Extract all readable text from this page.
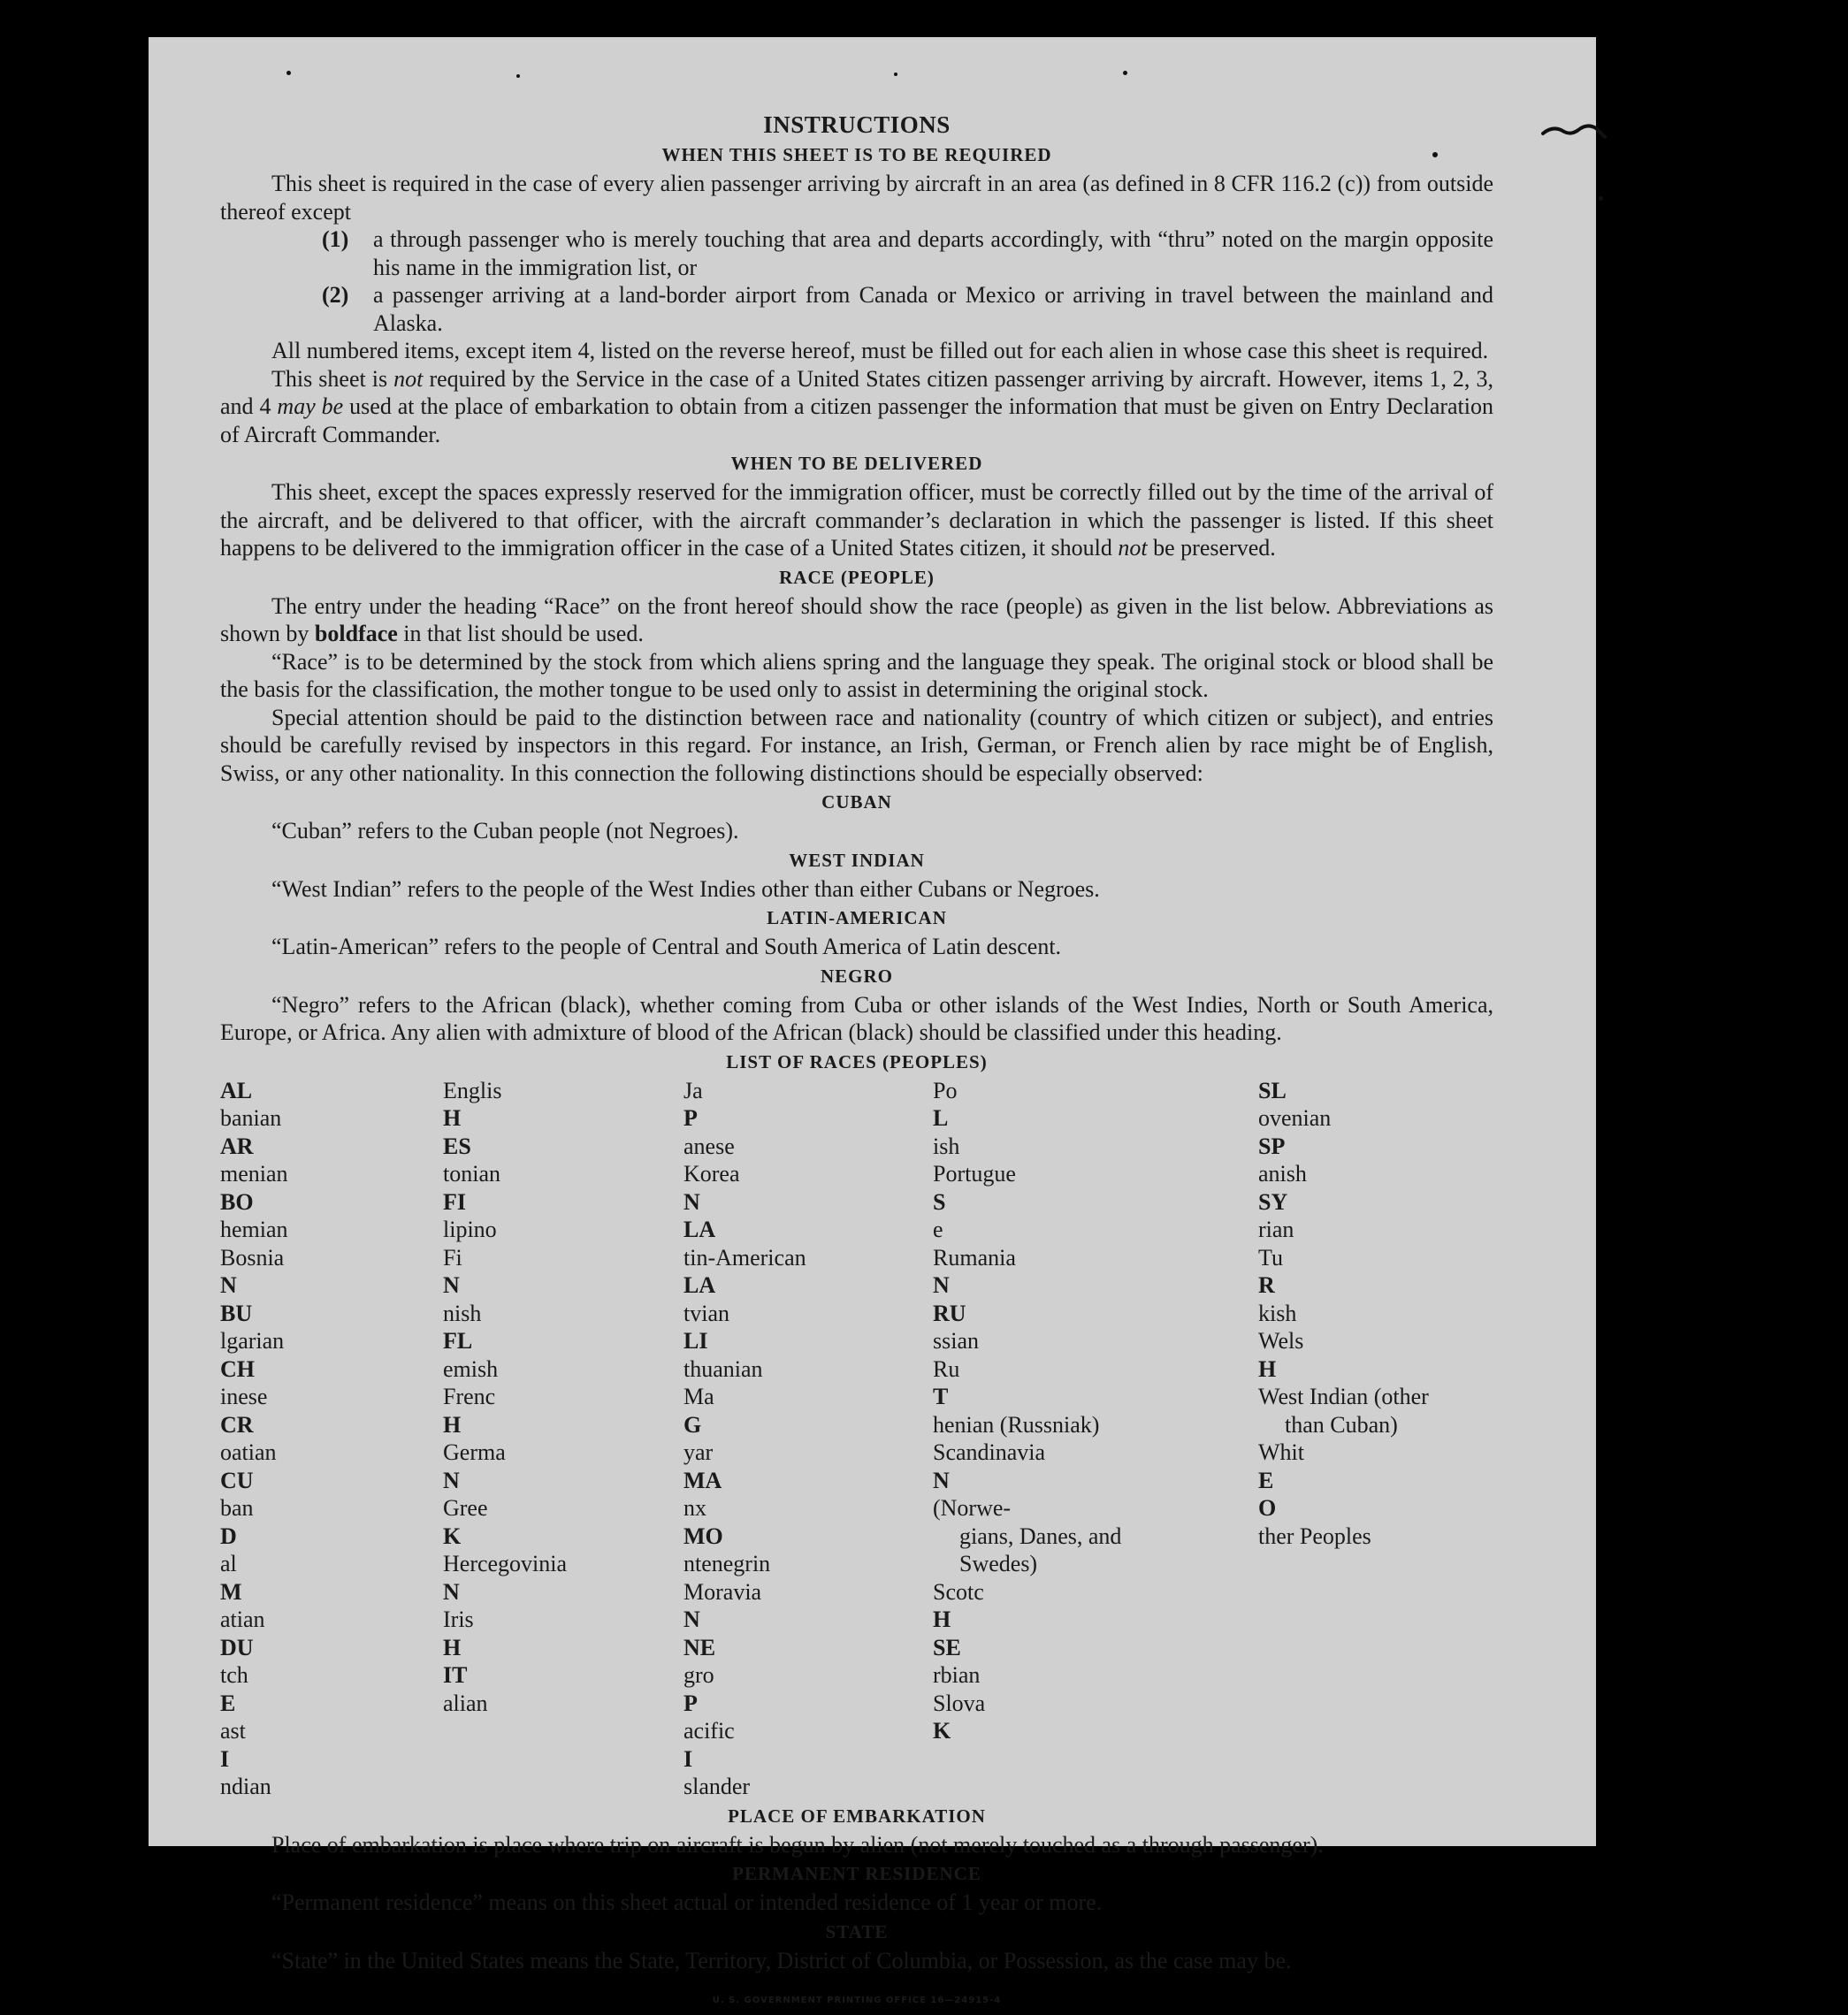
INSTRUCTIONS
WHEN THIS SHEET IS TO BE REQUIRED

This sheet is required in the case of every alien passenger arriving by aircraft in an area (as defined in 8 CFR 116.2 (c)) from outside thereof except

(1) a through passenger who is merely touching that area and departs accordingly, with “thru” noted on the margin opposite his name in the immigration list, or
(2) a passenger arriving at a land-border airport from Canada or Mexico or arriving in travel between the mainland and Alaska.

All numbered items, except item 4, listed on the reverse hereof, must be filled out for each alien in whose case this sheet is required.

This sheet is not required by the Service in the case of a United States citizen passenger arriving by aircraft. However, items 1, 2, 3, and 4 may be used at the place of embarkation to obtain from a citizen passenger the information that must be given on Entry Declaration of Aircraft Commander.

WHEN TO BE DELIVERED

This sheet, except the spaces expressly reserved for the immigration officer, must be correctly filled out by the time of the arrival of the aircraft, and be delivered to that officer, with the aircraft commander’s declaration in which the passenger is listed. If this sheet happens to be delivered to the immigration officer in the case of a United States citizen, it should not be preserved.

RACE (PEOPLE)

The entry under the heading “Race” on the front hereof should show the race (people) as given in the list below. Abbreviations as shown by boldface in that list should be used.

“Race” is to be determined by the stock from which aliens spring and the language they speak. The original stock or blood shall be the basis for the classification, the mother tongue to be used only to assist in determining the original stock.

Special attention should be paid to the distinction between race and nationality (country of which citizen or subject), and entries should be carefully revised by inspectors in this regard. For instance, an Irish, German, or French alien by race might be of English, Swiss, or any other nationality. In this connection the following distinctions should be especially observed:

CUBAN

“Cuban” refers to the Cuban people (not Negroes).

WEST INDIAN

“West Indian” refers to the people of the West Indies other than either Cubans or Negroes.

LATIN-AMERICAN

“Latin-American” refers to the people of Central and South America of Latin descent.

NEGRO

“Negro” refers to the African (black), whether coming from Cuba or other islands of the West Indies, North or South America, Europe, or Africa. Any alien with admixture of blood of the African (black) should be classified under this heading.

LIST OF RACES (PEOPLES)
AL
banian
AR
menian
BO
hemian
Bosnia
N
BU
lgarian
CH
inese
CR
oatian
CU
ban
D
al
M
atian
DU
tch
E
ast
I
ndian
Englis
H
ES
tonian
FI
lipino
Fi
N
nish
FL
emish
Frenc
H
Germa
N
Gree
K
Hercegovinia
N
Iris
H
IT
alian
Ja
P
anese
Korea
N
LA
tin-American
LA
tvian
LI
thuanian
Ma
G
yar
MA
nx
MO
ntenegrin
Moravia
N
NE
gro
P
acific
I
slander
Po
L
ish
Portugue
S
e
Rumania
N
RU
ssian
Ru
T
henian (Russniak)
Scandinavia
N
(Norwe-
gians, Danes, and
Swedes)
Scotc
H
SE
rbian
Slova
K
SL
ovenian
SP
anish
SY
rian
Tu
R
kish
Wels
H
West Indian (other
than Cuban)
Whit
E
O
ther Peoples
PLACE OF EMBARKATION

Place of embarkation is place where trip on aircraft is begun by alien (not merely touched as a through passenger).

PERMANENT RESIDENCE

“Permanent residence” means on this sheet actual or intended residence of 1 year or more.

STATE

“State” in the United States means the State, Territory, District of Columbia, or Possession, as the case may be.

U. S. GOVERNMENT PRINTING OFFICE 16—24915-4
